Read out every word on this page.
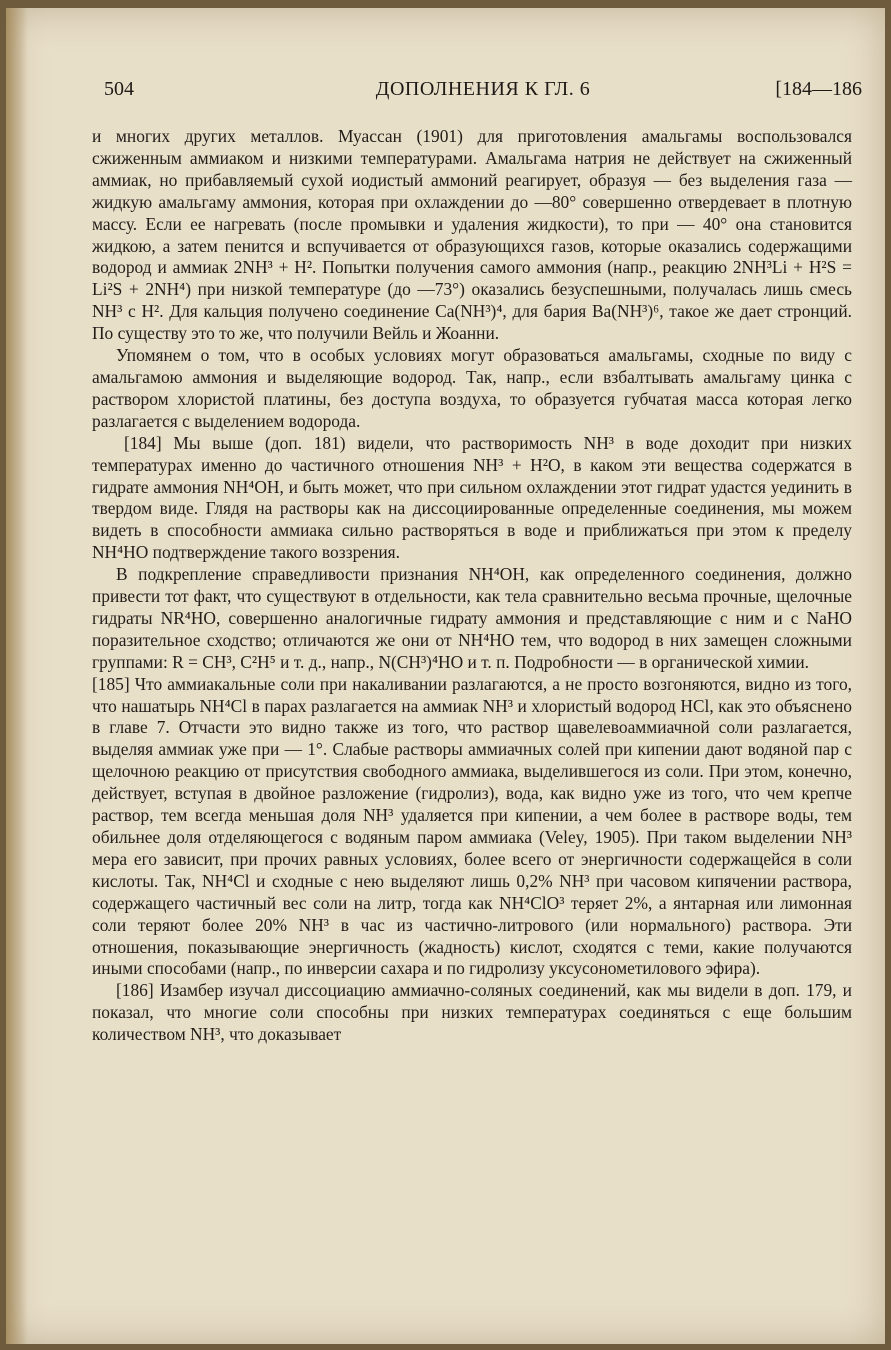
504	ДОПОЛНЕНИЯ К ГЛ. 6	[184—186

и многих других металлов. Муассан (1901) для приготовления амальгамы воспользовался сжиженным аммиаком и низкими температурами. Амальгама натрия не действует на сжиженный аммиак, но прибавляемый сухой иодистый аммоний реагирует, образуя — без выделения газа — жидкую амальгаму аммония, которая при охлаждении до —80° совершенно отвердевает в плотную массу. Если ее нагревать (после промывки и удаления жидкости), то при — 40° она становится жидкою, а затем пенится и вспучивается от образующихся газов, которые оказались содержащими водород и аммиак 2NH³ + H². Попытки получения самого аммония (напр., реакцию 2NH³Li + H²S = Li²S + 2NH⁴) при низкой температуре (до —73°) оказались безуспешными, получалась лишь смесь NH³ с H². Для кальция получено соединение Ca(NH³)⁴, для бария Ba(NH³)⁶, такое же дает стронций. По существу это то же, что получили Вейль и Жоанни.

Упомянем о том, что в особых условиях могут образоваться амальгамы, сходные по виду с амальгамою аммония и выделяющие водород. Так, напр., если взбалтывать амальгаму цинка с раствором хлористой платины, без доступа воздуха, то образуется губчатая масса которая легко разлагается с выделением водорода.

[184] Мы выше (доп. 181) видели, что растворимость NH³ в воде доходит при низких температурах именно до частичного отношения NH³ + H²O, в каком эти вещества содержатся в гидрате аммония NH⁴OH, и быть может, что при сильном охлаждении этот гидрат удастся уединить в твердом виде. Глядя на растворы как на диссоциированные определенные соединения, мы можем видеть в способности аммиака сильно растворяться в воде и приближаться при этом к пределу NH⁴HO подтверждение такого воззрения.

В подкрепление справедливости признания NH⁴OH, как определенного соединения, должно привести тот факт, что существуют в отдельности, как тела сравнительно весьма прочные, щелочные гидраты NR⁴HO, совершенно аналогичные гидрату аммония и представляющие с ним и с NaHO поразительное сходство; отличаются же они от NH⁴HO тем, что водород в них замещен сложными группами: R = CH³, C²H⁵ и т. д., напр., N(CH³)⁴HO и т. п. Подробности — в органической химии.

[185] Что аммиакальные соли при накаливании разлагаются, а не просто возгоняются, видно из того, что нашатырь NH⁴Cl в парах разлагается на аммиак NH³ и хлористый водород HCl, как это объяснено в главе 7. Отчасти это видно также из того, что раствор щавелевоаммиачной соли разлагается, выделяя аммиак уже при — 1°. Слабые растворы аммиачных солей при кипении дают водяной пар с щелочною реакцию от присутствия свободного аммиака, выделившегося из соли. При этом, конечно, действует, вступая в двойное разложение (гидролиз), вода, как видно уже из того, что чем крепче раствор, тем всегда меньшая доля NH³ удаляется при кипении, а чем более в растворе воды, тем обильнее доля отделяющегося с водяным паром аммиака (Veley, 1905). При таком выделении NH³ мера его зависит, при прочих равных условиях, более всего от энергичности содержащейся в соли кислоты. Так, NH⁴Cl и сходные с нею выделяют лишь 0,2% NH³ при часовом кипячении раствора, содержащего частичный вес соли на литр, тогда как NH⁴ClO³ теряет 2%, а янтарная или лимонная соли теряют более 20% NH³ в час из частично-литрового (или нормального) раствора. Эти отношения, показывающие энергичность (жадность) кислот, сходятся с теми, какие получаются иными способами (напр., по инверсии сахара и по гидролизу уксусонометилового эфира).

[186] Изамбер изучал диссоциацию аммиачно-соляных соединений, как мы видели в доп. 179, и показал, что многие соли способны при низких температурах соединяться с еще большим количеством NH³, что доказывает
